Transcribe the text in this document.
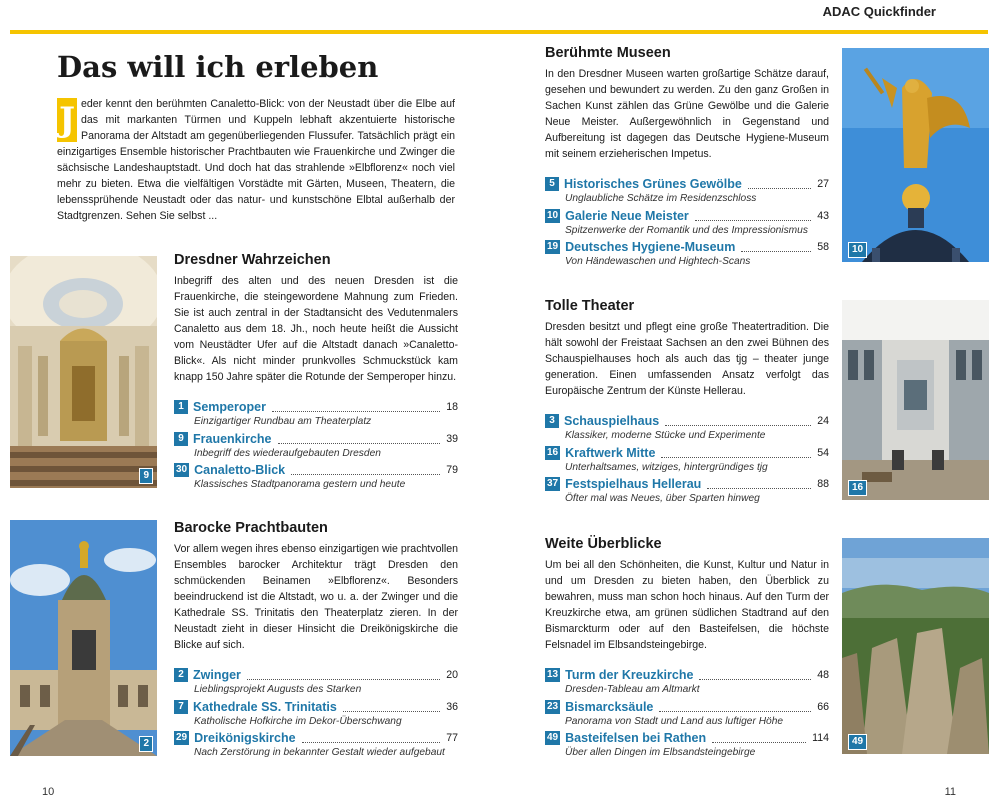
ADAC Quickfinder
Das will ich erleben
J eder kennt den berühmten Canaletto-Blick: von der Neustadt über die Elbe auf das mit markanten Türmen und Kuppeln lebhaft akzentuierte historische Panorama der Altstadt am gegenüberliegenden Flussufer. Tatsächlich prägt ein einzigartiges Ensemble historischer Prachtbauten wie Frauenkirche und Zwinger die sächsische Landeshauptstadt. Und doch hat das strahlende »Elbflorenz« noch viel mehr zu bieten. Etwa die vielfältigen Vorstädte mit Gärten, Museen, Theatern, die lebenssprühende Neustadt oder das natur- und kunstschöne Elbtal außerhalb der Stadtgrenzen. Sehen Sie selbst ...
9
2
10
16
49
Dresdner Wahrzeichen

Inbegriff des alten und des neuen Dresden ist die Frauenkirche, die steingewordene Mahnung zum Frieden. Sie ist auch zentral in der Stadtansicht des Vedutenmalers Canaletto aus dem 18. Jh., noch heute heißt die Aussicht vom Neustädter Ufer auf die Altstadt danach »Canaletto-Blick«. Als nicht minder prunkvolles Schmuckstück kam knapp 150 Jahre später die Rotunde der Semperoper hinzu.

1 Semperoper	18
Einzigartiger Rundbau am Theaterplatz
9 Frauenkirche	39
Inbegriff des wiederaufgebauten Dresden
30 Canaletto-Blick	79
Klassisches Stadtpanorama gestern und heute
Barocke Prachtbauten

Vor allem wegen ihres ebenso einzigartigen wie prachtvollen Ensembles barocker Architektur trägt Dresden den schmückenden Beinamen »Elbflorenz«. Besonders beeindruckend ist die Altstadt, wo u. a. der Zwinger und die Kathedrale SS. Trinitatis den Theaterplatz zieren. In der Neustadt zieht in dieser Hinsicht die Dreikönigskirche die Blicke auf sich.

2 Zwinger	20
Lieblingsprojekt Augusts des Starken
7 Kathedrale SS. Trinitatis	36
Katholische Hofkirche im Dekor-Überschwang
29 Dreikönigskirche	77
Nach Zerstörung in bekannter Gestalt wieder aufgebaut
Berühmte Museen

In den Dresdner Museen warten großartige Schätze darauf, gesehen und bewundert zu werden. Zu den ganz Großen in Sachen Kunst zählen das Grüne Gewölbe und die Galerie Neue Meister. Außergewöhnlich in Gegenstand und Aufbereitung ist dagegen das Deutsche Hygiene-Museum mit seinem erzieherischen Impetus.

5 Historisches Grünes Gewölbe	27
Unglaubliche Schätze im Residenzschloss
10 Galerie Neue Meister	43
Spitzenwerke der Romantik und des Impressionismus
19 Deutsches Hygiene-Museum	58
Von Händewaschen und Hightech-Scans
Tolle Theater

Dresden besitzt und pflegt eine große Theatertradition. Die hält sowohl der Freistaat Sachsen an den zwei Bühnen des Schauspielhauses hoch als auch das tjg – theater junge generation. Einen umfassenden Ansatz verfolgt das Europäische Zentrum der Künste Hellerau.

3 Schauspielhaus	24
Klassiker, moderne Stücke und Experimente
16 Kraftwerk Mitte	54
Unterhaltsames, witziges, hintergründiges tjg
37 Festspielhaus Hellerau	88
Öfter mal was Neues, über Sparten hinweg
Weite Überblicke

Um bei all den Schönheiten, die Kunst, Kultur und Natur in und um Dresden zu bieten haben, den Überblick zu bewahren, muss man schon hoch hinaus. Auf den Turm der Kreuzkirche etwa, am grünen südlichen Stadtrand auf den Bismarckturm oder auf den Basteifelsen, die höchste Felsnadel im Elbsandsteingebirge.

13 Turm der Kreuzkirche	48
Dresden-Tableau am Altmarkt
23 Bismarcksäule	66
Panorama von Stadt und Land aus luftiger Höhe
49 Basteifelsen bei Rathen	114
Über allen Dingen im Elbsandsteingebirge
10	11
